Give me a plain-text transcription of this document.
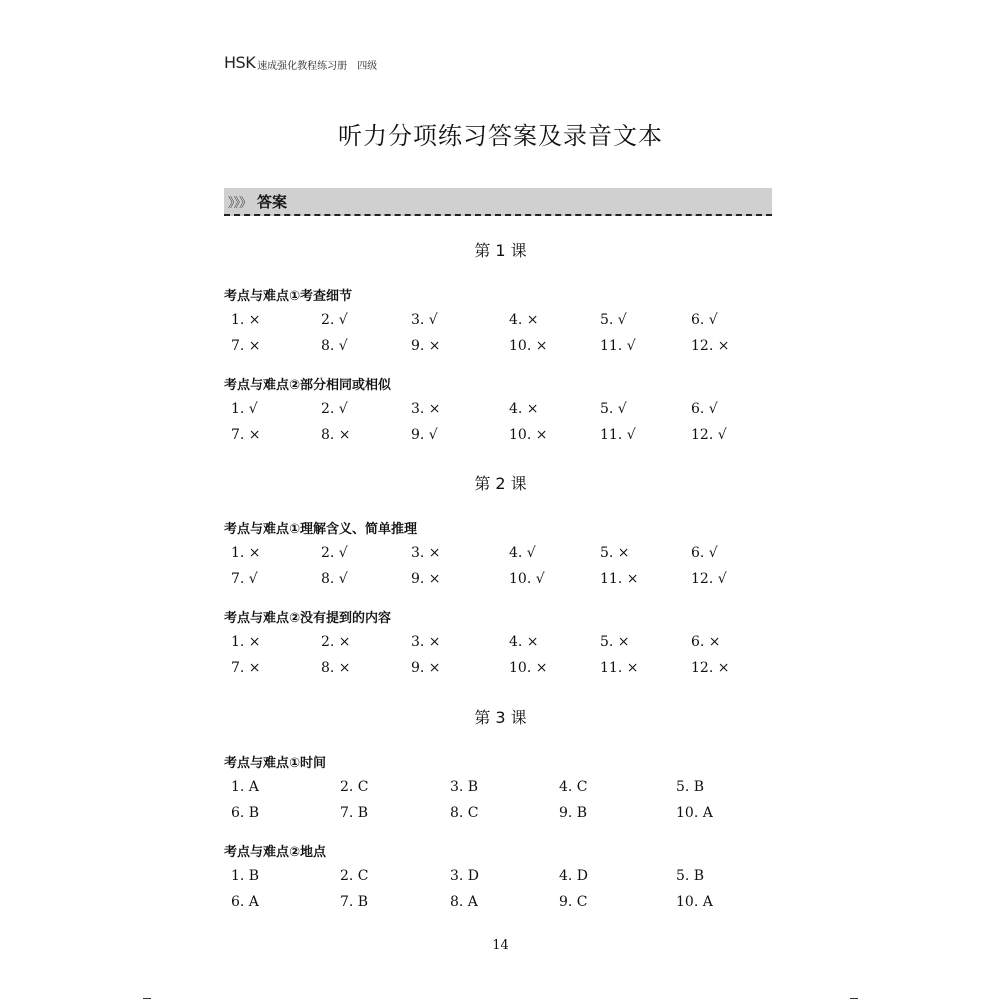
HSK 速成强化教程练习册 四级
听力分项练习答案及录音文本
》》》 答案
第 1 课
考点与难点①考查细节
1. ×	2. √	3. √	4. ×	5. √	6. √
7. ×	8. √	9. ×	10. ×	11. √	12. ×
考点与难点②部分相同或相似
1. √	2. √	3. ×	4. ×	5. √	6. √
7. ×	8. ×	9. √	10. ×	11. √	12. √
第 2 课
考点与难点①理解含义、简单推理
1. ×	2. √	3. ×	4. √	5. ×	6. √
7. √	8. √	9. ×	10. √	11. ×	12. √
考点与难点②没有提到的内容
1. ×	2. ×	3. ×	4. ×	5. ×	6. ×
7. ×	8. ×	9. ×	10. ×	11. ×	12. ×
第 3 课
考点与难点①时间
1. A	2. C	3. B	4. C	5. B
6. B	7. B	8. C	9. B	10. A
考点与难点②地点
1. B	2. C	3. D	4. D	5. B
6. A	7. B	8. A	9. C	10. A
14
